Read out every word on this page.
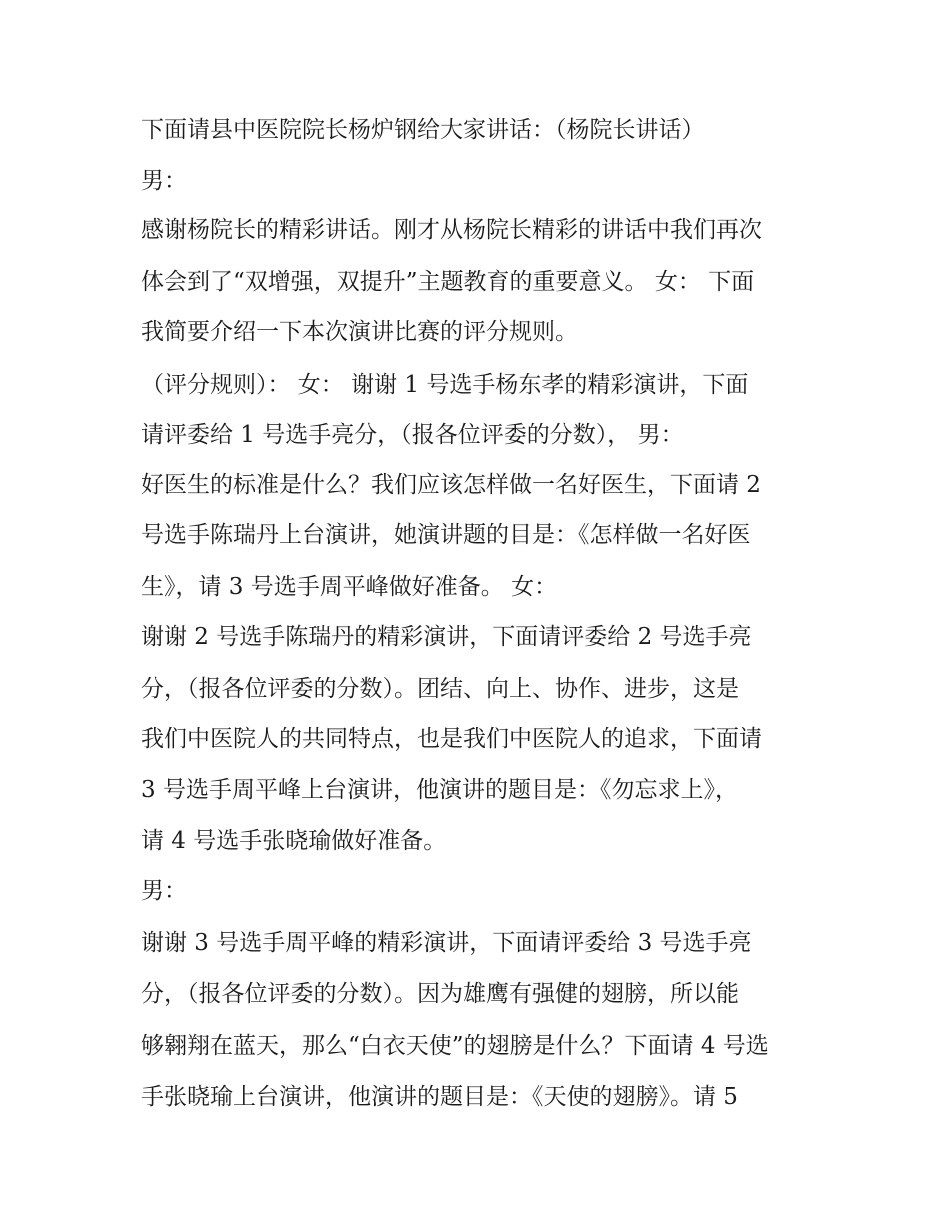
下面请县中医院院长杨炉钢给大家讲话：（杨院长讲话）
男：
感谢杨院长的精彩讲话。刚才从杨院长精彩的讲话中我们再次
体会到了“双增强，双提升”主题教育的重要意义。 女： 下面
我简要介绍一下本次演讲比赛的评分规则。
（评分规则）： 女： 谢谢 1 号选手杨东孝的精彩演讲，下面
请评委给 1 号选手亮分，（报各位评委的分数）， 男：
好医生的标准是什么？我们应该怎样做一名好医生，下面请 2
号选手陈瑞丹上台演讲，她演讲题的目是：《怎样做一名好医
生》，请 3 号选手周平峰做好准备。 女：
谢谢 2 号选手陈瑞丹的精彩演讲，下面请评委给 2 号选手亮
分，（报各位评委的分数）。团结、向上、协作、进步，这是
我们中医院人的共同特点，也是我们中医院人的追求，下面请
3 号选手周平峰上台演讲，他演讲的题目是：《勿忘求上》，
请 4 号选手张晓瑜做好准备。
男：
谢谢 3 号选手周平峰的精彩演讲，下面请评委给 3 号选手亮
分，（报各位评委的分数）。因为雄鹰有强健的翅膀，所以能
够翱翔在蓝天，那么“白衣天使”的翅膀是什么？下面请 4 号选
手张晓瑜上台演讲，他演讲的题目是：《天使的翅膀》。请 5
